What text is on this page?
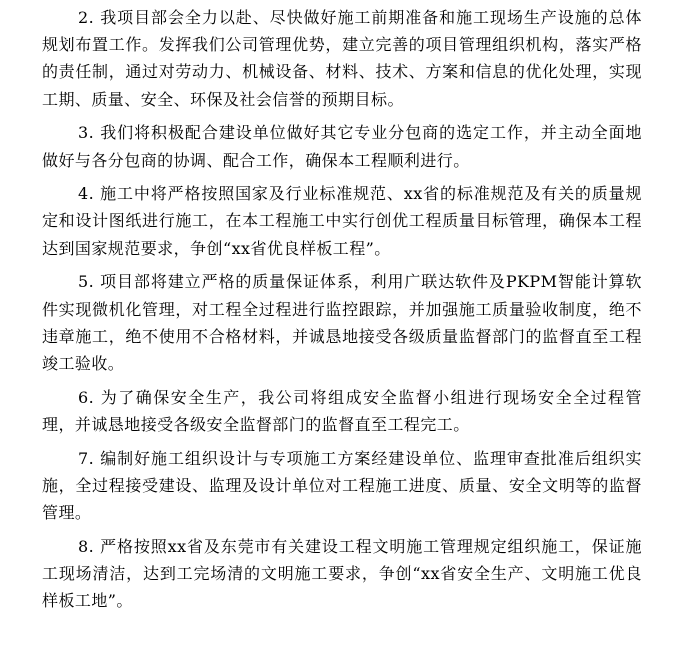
2. 我项目部会全力以赴、尽快做好施工前期准备和施工现场生产设施的总体规划布置工作。发挥我们公司管理优势，建立完善的项目管理组织机构，落实严格的责任制，通过对劳动力、机械设备、材料、技术、方案和信息的优化处理，实现工期、质量、安全、环保及社会信誉的预期目标。

3. 我们将积极配合建设单位做好其它专业分包商的选定工作，并主动全面地做好与各分包商的协调、配合工作，确保本工程顺利进行。

4. 施工中将严格按照国家及行业标准规范、xx省的标准规范及有关的质量规定和设计图纸进行施工，在本工程施工中实行创优工程质量目标管理，确保本工程达到国家规范要求，争创“xx省优良样板工程”。

5. 项目部将建立严格的质量保证体系，利用广联达软件及PKPM智能计算软件实现微机化管理，对工程全过程进行监控跟踪，并加强施工质量验收制度，绝不违章施工，绝不使用不合格材料，并诚恳地接受各级质量监督部门的监督直至工程竣工验收。

6. 为了确保安全生产，我公司将组成安全监督小组进行现场安全全过程管理，并诚恳地接受各级安全监督部门的监督直至工程完工。

7. 编制好施工组织设计与专项施工方案经建设单位、监理审查批准后组织实施，全过程接受建设、监理及设计单位对工程施工进度、质量、安全文明等的监督管理。

8. 严格按照xx省及东莞市有关建设工程文明施工管理规定组织施工，保证施工现场清洁，达到工完场清的文明施工要求，争创“xx省安全生产、文明施工优良样板工地”。
